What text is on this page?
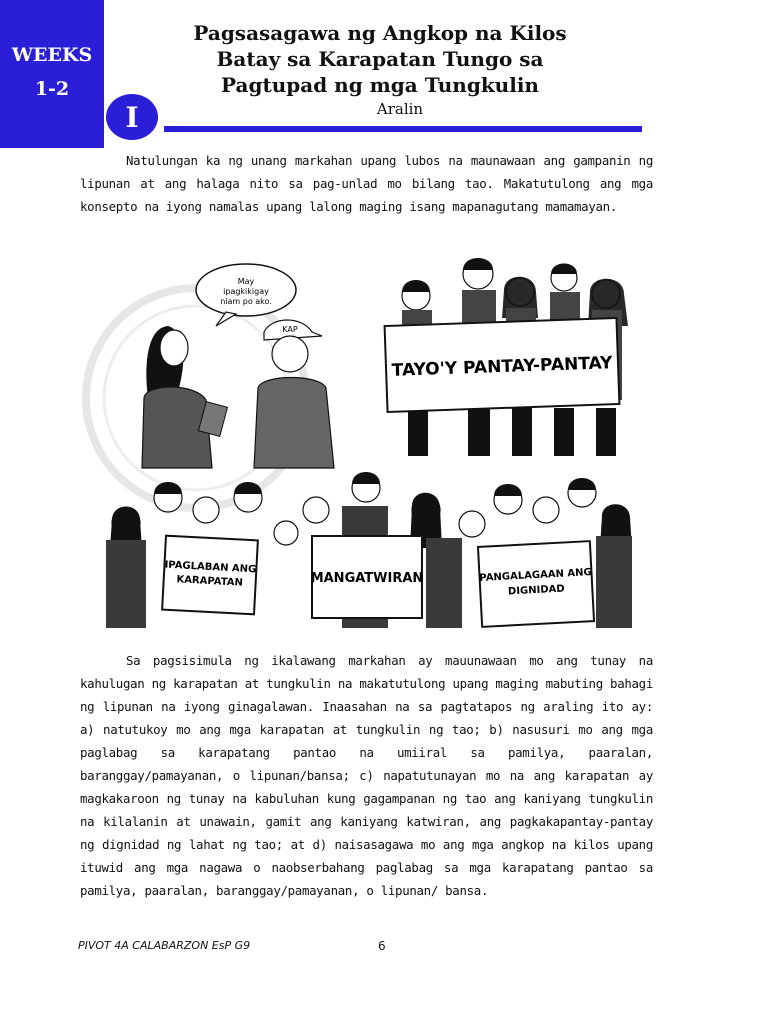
WEEKS
1-2
I
Pagsasagawa ng Angkop na Kilos
Batay sa Karapatan Tungo sa
Pagtupad ng mga Tungkulin
Aralin

Natulungan ka ng unang markahan upang lubos na maunawaan ang gampanin ng lipunan at ang halaga nito sa pag-unlad mo bilang tao. Makatutulong ang mga konsepto na iyong namalas upang lalong maging isang mapanagutang mamamayan.

May
ipagkikigay
niam po ako.
KAP
TAYO'Y PANTAY-PANTAY
IPAGLABAN ANG
KARAPATAN	MANGATWIRAN	PANGALAGAAN ANG
DIGNIDAD

Sa pagsisimula ng ikalawang markahan ay mauunawaan mo ang tunay na kahulugan ng karapatan at tungkulin na makatutulong upang maging mabuting bahagi ng lipunan na iyong ginagalawan. Inaasahan na sa pagtatapos ng araling ito ay: a) natutukoy mo ang mga karapatan at tungkulin ng tao; b) nasusuri mo ang mga paglabag sa karapatang pantao na umiiral sa pamilya, paaralan, baranggay/pamayanan, o lipunan/bansa; c) napatutunayan mo na ang karapatan ay magkakaroon ng tunay na kabuluhan kung gagampanan ng tao ang kaniyang tungkulin na kilalanin at unawain, gamit ang kaniyang katwiran, ang pagkakapantay-pantay ng dignidad ng lahat ng tao; at d) naisasagawa mo ang mga angkop na kilos upang ituwid ang mga nagawa o naobserbahang paglabag sa mga karapatang pantao sa pamilya, paaralan, baranggay/pamayanan, o lipunan/ bansa.

PIVOT 4A CALABARZON EsP G9	6
